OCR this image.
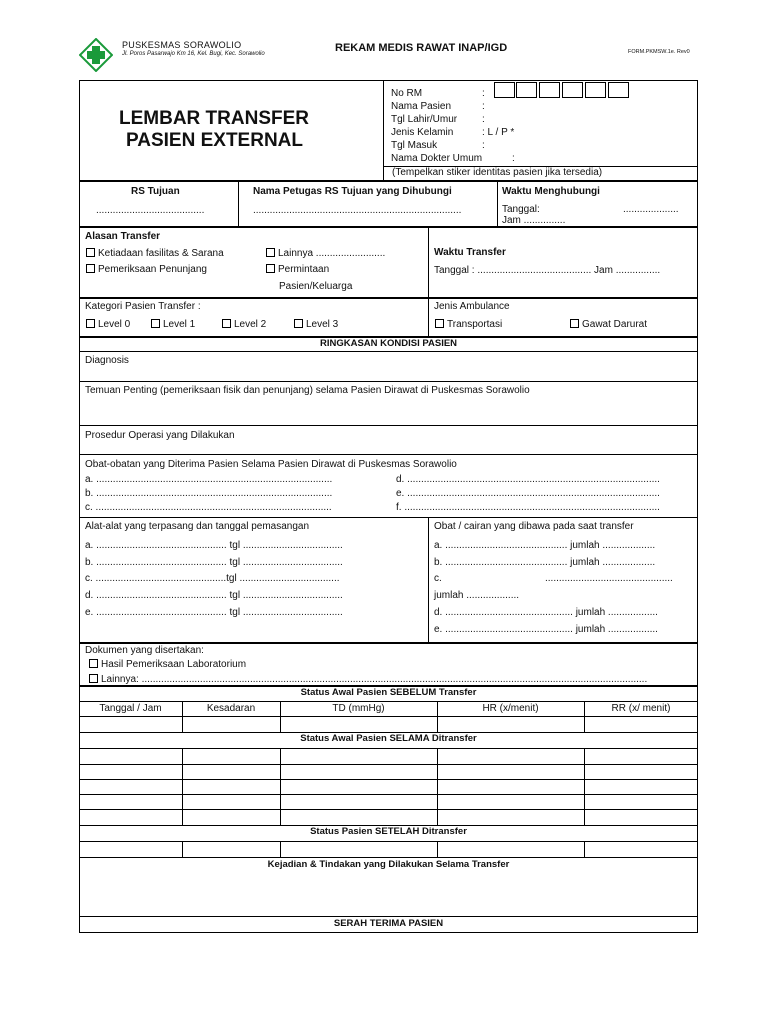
PUSKESMAS SORAWOLIO
Jl. Poros Pasarwajo Km 16, Kel. Bugi, Kec. Sorawolio	REKAM MEDIS RAWAT INAP/IGD	FORM.PKMSW.1e. Rev0
LEMBAR TRANSFER
PASIEN EXTERNAL
No RM	:
Nama Pasien	:
Tgl Lahir/Umur :
Jenis Kelamin	: L / P *
Tgl Masuk	:
Nama Dokter Umum	:
(Tempelkan stiker identitas pasien jika tersedia)
RS Tujuan
.......................................
Nama Petugas RS Tujuan yang Dihubungi
...........................................................................
Waktu Menghubungi
Tanggal:	....................
Jam ...............
Alasan Transfer
Ketiadaan fasilitas & Sarana
Pemeriksaan Penunjang
Lainnya .........................
Permintaan
Pasien/Keluarga
Waktu Transfer
Tanggal : ......................................... Jam ................
Kategori Pasien Transfer :
Level 0	Level 1	Level 2	Level 3
Jenis Ambulance
Transportasi	Gawat Darurat
RINGKASAN KONDISI PASIEN
Diagnosis
Temuan Penting (pemeriksaan fisik dan penunjang) selama Pasien Dirawat di Puskesmas Sorawolio
Prosedur Operasi yang Dilakukan
Obat-obatan yang Diterima Pasien Selama Pasien Dirawat di Puskesmas Sorawolio
a. .....................................................................................
b. .....................................................................................
c. .....................................................................................
d. ...........................................................................................
e. ...........................................................................................
f. ............................................................................................
Alat-alat yang terpasang dan tanggal pemasangan
a. ............................................... tgl ....................................
b. ............................................... tgl ....................................
c. ...............................................tgl ....................................
d. ............................................... tgl ....................................
e. ............................................... tgl ....................................
Obat / cairan yang dibawa pada saat transfer
a. ............................................ jumlah ...................
b. ............................................ jumlah ...................
c.	..............................................
jumlah ...................
d. .............................................. jumlah ..................
e. .............................................. jumlah ..................
Dokumen yang disertakan:
Hasil Pemeriksaan Laboratorium
Lainnya: ......................................................................................................................................................................................
Status Awal Pasien SEBELUM Transfer
Tanggal / Jam	Kesadaran	TD (mmHg)	HR (x/menit)	RR (x/ menit)
Status Awal Pasien SELAMA Ditransfer
Status Pasien SETELAH Ditransfer
Kejadian & Tindakan yang Dilakukan Selama Transfer
SERAH TERIMA PASIEN
